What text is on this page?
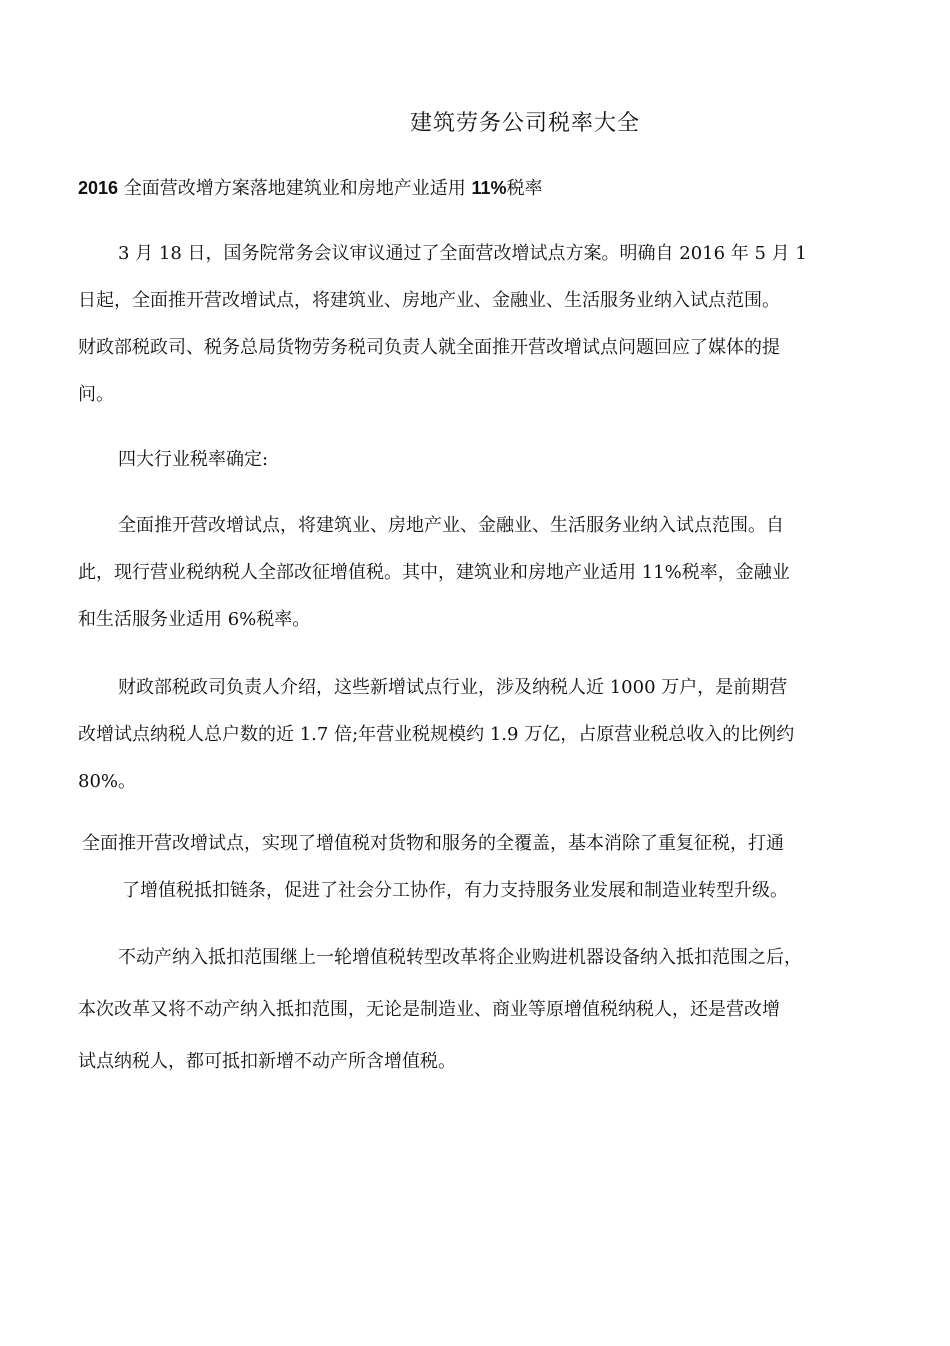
建筑劳务公司税率大全
2016 全面营改增方案落地建筑业和房地产业适用 11%税率
3 月 18 日，国务院常务会议审议通过了全面营改增试点方案。明确自 2016 年 5 月 1
日起，全面推开营改增试点，将建筑业、房地产业、金融业、生活服务业纳入试点范围。
财政部税政司、税务总局货物劳务税司负责人就全面推开营改增试点问题回应了媒体的提
问。
四大行业税率确定:
全面推开营改增试点，将建筑业、房地产业、金融业、生活服务业纳入试点范围。自
此，现行营业税纳税人全部改征增值税。其中，建筑业和房地产业适用 11%税率，金融业
和生活服务业适用 6%税率。
财政部税政司负责人介绍，这些新增试点行业，涉及纳税人近 1000 万户，是前期营
改增试点纳税人总户数的近 1.7 倍;年营业税规模约 1.9 万亿，占原营业税总收入的比例约
80%。
全面推开营改增试点，实现了增值税对货物和服务的全覆盖，基本消除了重复征税，打通
了增值税抵扣链条，促进了社会分工协作，有力支持服务业发展和制造业转型升级。
不动产纳入抵扣范围继上一轮增值税转型改革将企业购进机器设备纳入抵扣范围之后，
本次改革又将不动产纳入抵扣范围，无论是制造业、商业等原增值税纳税人，还是营改增
试点纳税人，都可抵扣新增不动产所含增值税。
